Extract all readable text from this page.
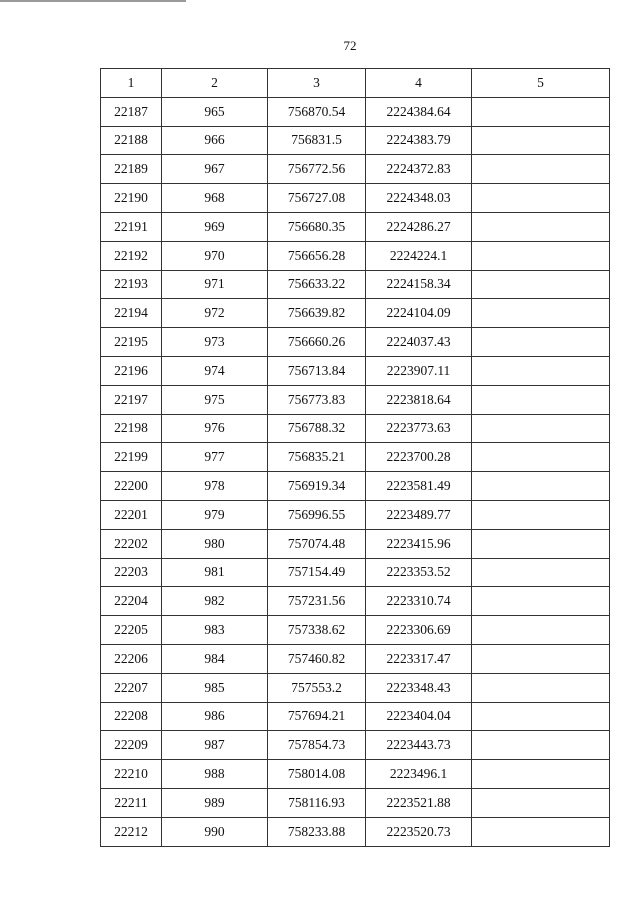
72
1	2	3	4	5
22187	965	756870.54	2224384.64	
22188	966	756831.5	2224383.79	
22189	967	756772.56	2224372.83	
22190	968	756727.08	2224348.03	
22191	969	756680.35	2224286.27	
22192	970	756656.28	2224224.1	
22193	971	756633.22	2224158.34	
22194	972	756639.82	2224104.09	
22195	973	756660.26	2224037.43	
22196	974	756713.84	2223907.11	
22197	975	756773.83	2223818.64	
22198	976	756788.32	2223773.63	
22199	977	756835.21	2223700.28	
22200	978	756919.34	2223581.49	
22201	979	756996.55	2223489.77	
22202	980	757074.48	2223415.96	
22203	981	757154.49	2223353.52	
22204	982	757231.56	2223310.74	
22205	983	757338.62	2223306.69	
22206	984	757460.82	2223317.47	
22207	985	757553.2	2223348.43	
22208	986	757694.21	2223404.04	
22209	987	757854.73	2223443.73	
22210	988	758014.08	2223496.1	
22211	989	758116.93	2223521.88	
22212	990	758233.88	2223520.73	
